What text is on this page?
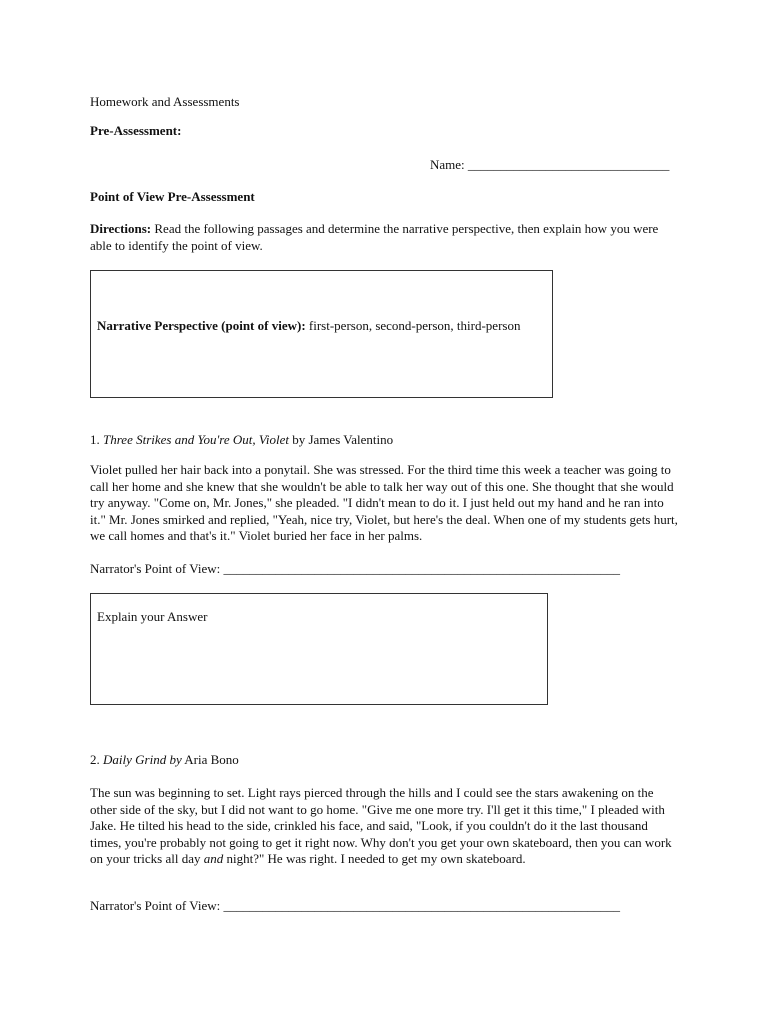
Homework and Assessments
Pre-Assessment:
Name: _______________________________
Point of View Pre-Assessment
Directions: Read the following passages and determine the narrative perspective, then explain how you were able to identify the point of view.
Narrative Perspective (point of view): first-person, second-person, third-person
1. Three Strikes and You're Out, Violet by James Valentino
Violet pulled her hair back into a ponytail. She was stressed. For the third time this week a teacher was going to call her home and she knew that she wouldn't be able to talk her way out of this one. She thought that she would try anyway. "Come on, Mr. Jones," she pleaded. "I didn't mean to do it. I just held out my hand and he ran into it." Mr. Jones smirked and replied, "Yeah, nice try, Violet, but here's the deal. When one of my students gets hurt, we call homes and that's it." Violet buried her face in her palms.
Narrator's Point of View: _____________________________________________________________
Explain your Answer
2. Daily Grind by Aria Bono
The sun was beginning to set. Light rays pierced through the hills and I could see the stars awakening on the other side of the sky, but I did not want to go home. "Give me one more try. I'll get it this time," I pleaded with Jake. He tilted his head to the side, crinkled his face, and said, "Look, if you couldn't do it the last thousand times, you're probably not going to get it right now. Why don't you get your own skateboard, then you can work on your tricks all day and night?" He was right. I needed to get my own skateboard.
Narrator's Point of View: _____________________________________________________________
